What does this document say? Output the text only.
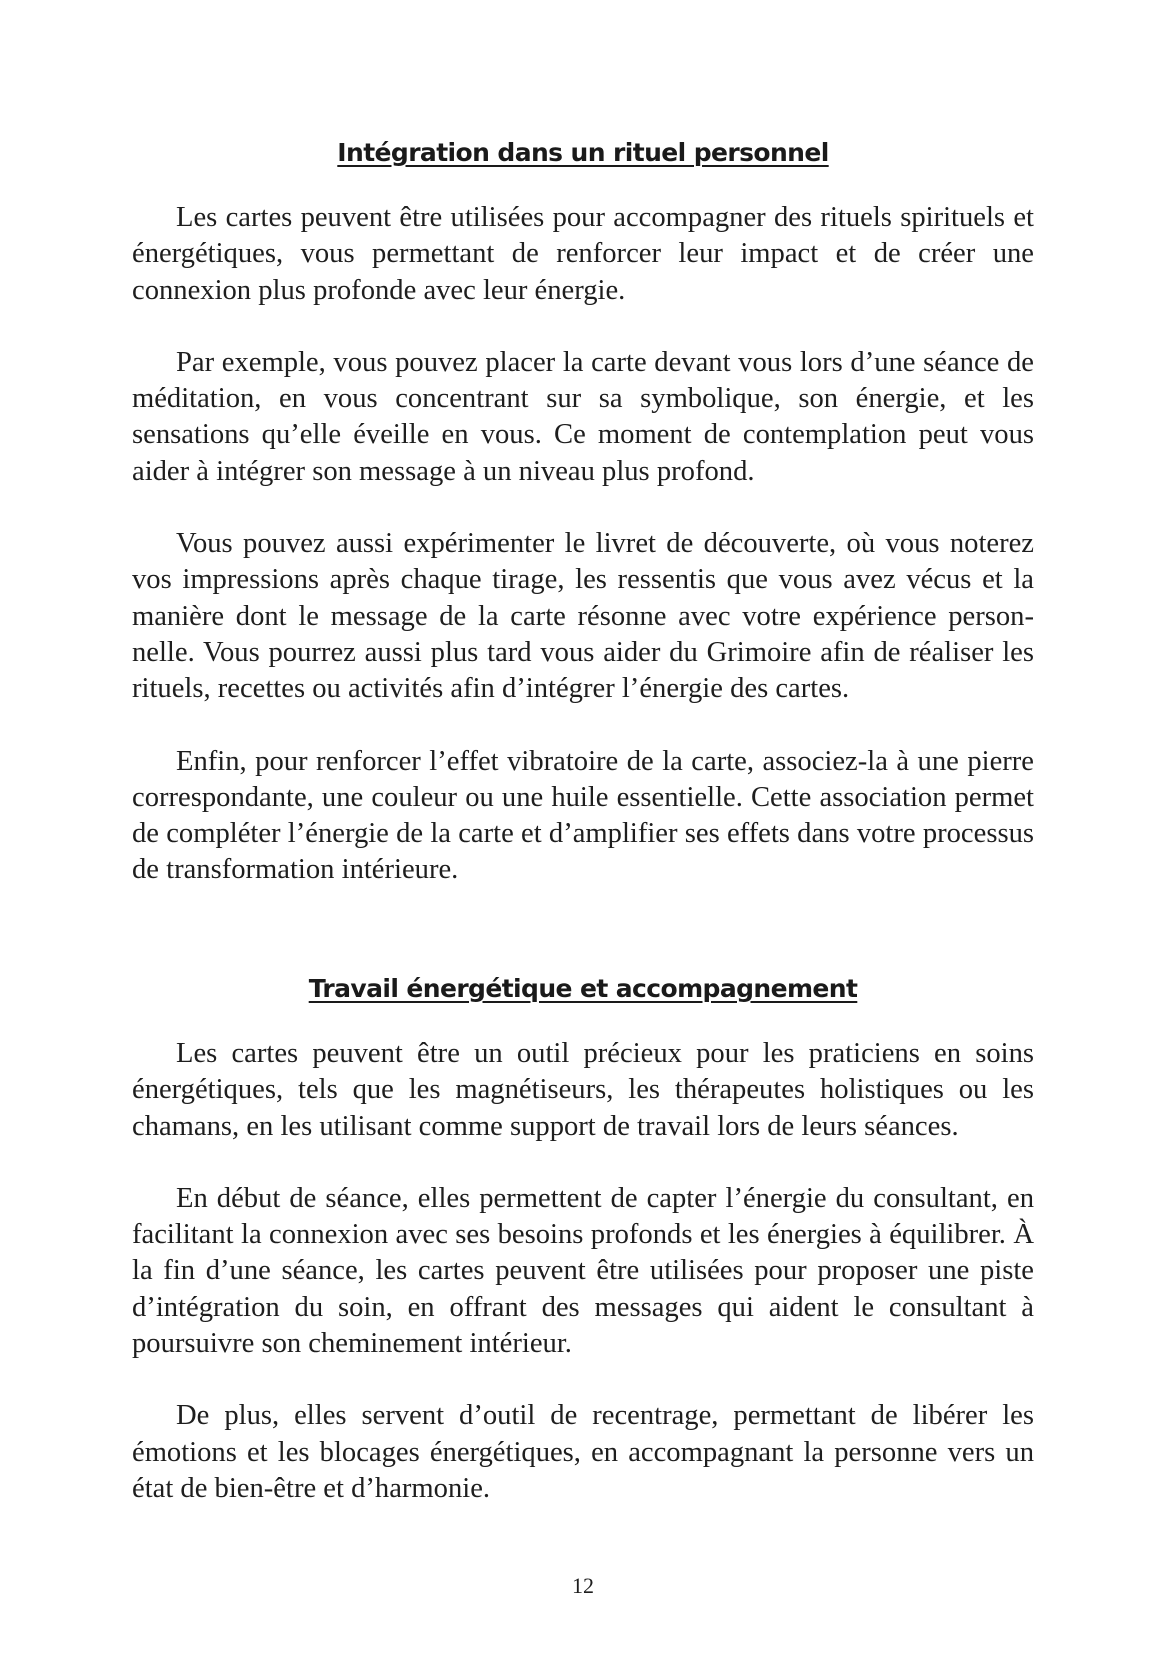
Intégration dans un rituel personnel

Les cartes peuvent être utilisées pour accompagner des rituels spirituels et énergétiques, vous permettant de renforcer leur impact et de créer une connexion plus profonde avec leur énergie.

Par exemple, vous pouvez placer la carte devant vous lors d’une séance de méditation, en vous concentrant sur sa symbolique, son énergie, et les sensations qu’elle éveille en vous. Ce moment de contemplation peut vous aider à intégrer son message à un niveau plus profond.

Vous pouvez aussi expérimenter le livret de découverte, où vous noterez vos impressions après chaque tirage, les ressentis que vous avez vécus et la manière dont le message de la carte résonne avec votre expérience personnelle. Vous pourrez aussi plus tard vous aider du Grimoire afin de réaliser les rituels, recettes ou activités afin d’intégrer l’énergie des cartes.

Enfin, pour renforcer l’effet vibratoire de la carte, associez-la à une pierre correspondante, une couleur ou une huile essentielle. Cette association permet de compléter l’énergie de la carte et d’amplifier ses effets dans votre processus de transformation intérieure.

Travail énergétique et accompagnement

Les cartes peuvent être un outil précieux pour les praticiens en soins énergétiques, tels que les magnétiseurs, les thérapeutes holistiques ou les chamans, en les utilisant comme support de travail lors de leurs séances.

En début de séance, elles permettent de capter l’énergie du consultant, en facilitant la connexion avec ses besoins profonds et les énergies à équilibrer. À la fin d’une séance, les cartes peuvent être utilisées pour proposer une piste d’intégration du soin, en offrant des messages qui aident le consultant à poursuivre son cheminement intérieur.

De plus, elles servent d’outil de recentrage, permettant de libérer les émotions et les blocages énergétiques, en accompagnant la personne vers un état de bien-être et d’harmonie.

12
